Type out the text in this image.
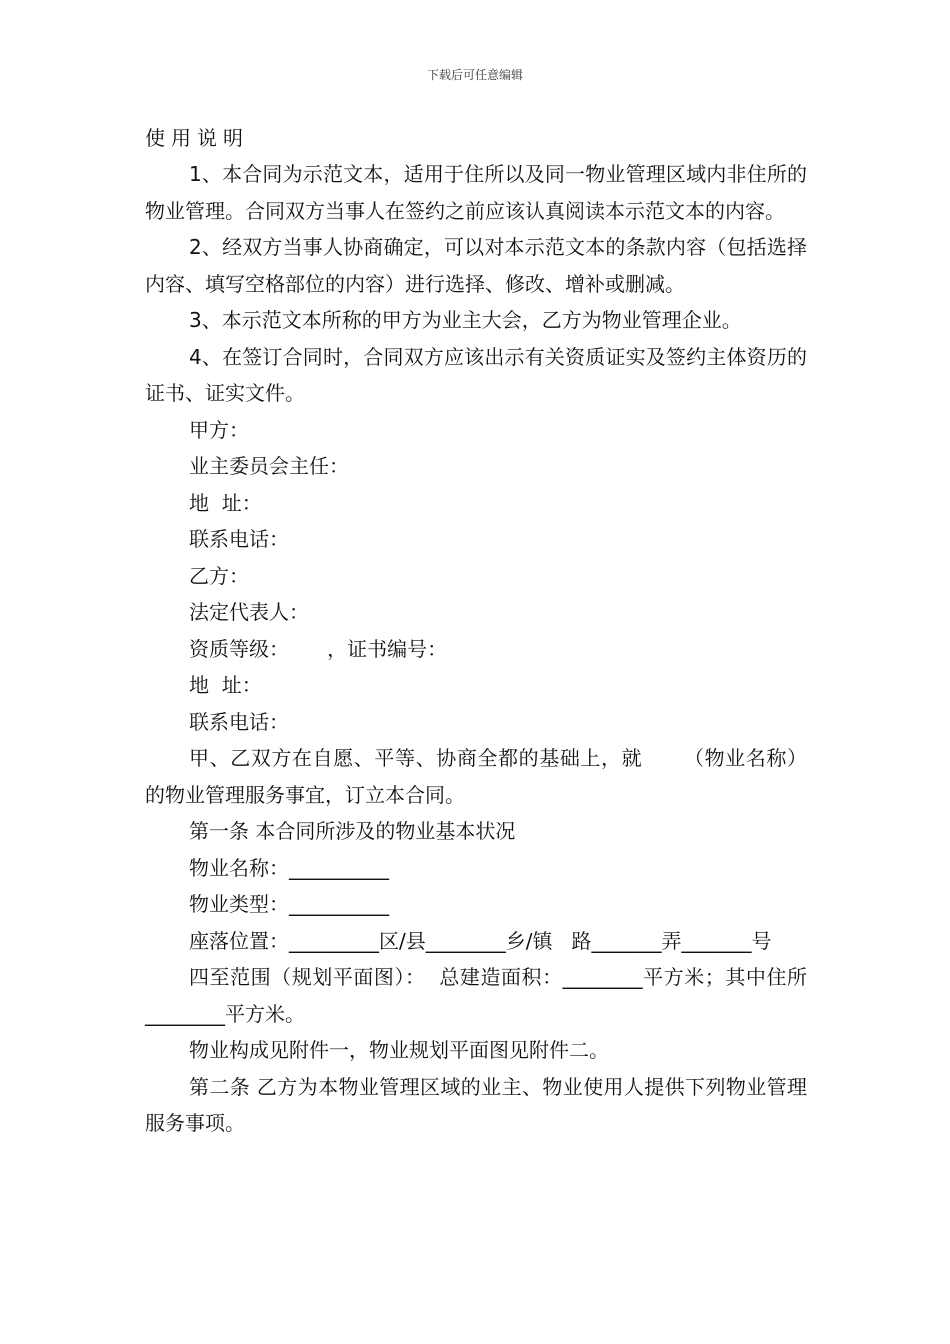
下载后可任意编辑
使用说明
1、本合同为示范文本，适用于住所以及同一物业管理区域内非住所的物业管理。合同双方当事人在签约之前应该认真阅读本示范文本的内容。
2、经双方当事人协商确定，可以对本示范文本的条款内容（包括选择内容、填写空格部位的内容）进行选择、修改、增补或删减。
3、本示范文本所称的甲方为业主大会，乙方为物业管理企业。
4、在签订合同时，合同双方应该出示有关资质证实及签约主体资历的证书、证实文件。
甲方：
业主委员会主任：
地  址：
联系电话：
乙方：
法定代表人：
资质等级：      ，证书编号：
地  址：
联系电话：
甲、乙双方在自愿、平等、协商全都的基础上，就      （物业名称）的物业管理服务事宜，订立本合同。
第一条 本合同所涉及的物业基本状况
物业名称：__________
物业类型：__________
座落位置：_________区/县________乡/镇   路_______弄_______号
四至范围（规划平面图）：  总建造面积：________平方米；其中住所________平方米。
物业构成见附件一，物业规划平面图见附件二。
第二条 乙方为本物业管理区域的业主、物业使用人提供下列物业管理服务事项。
